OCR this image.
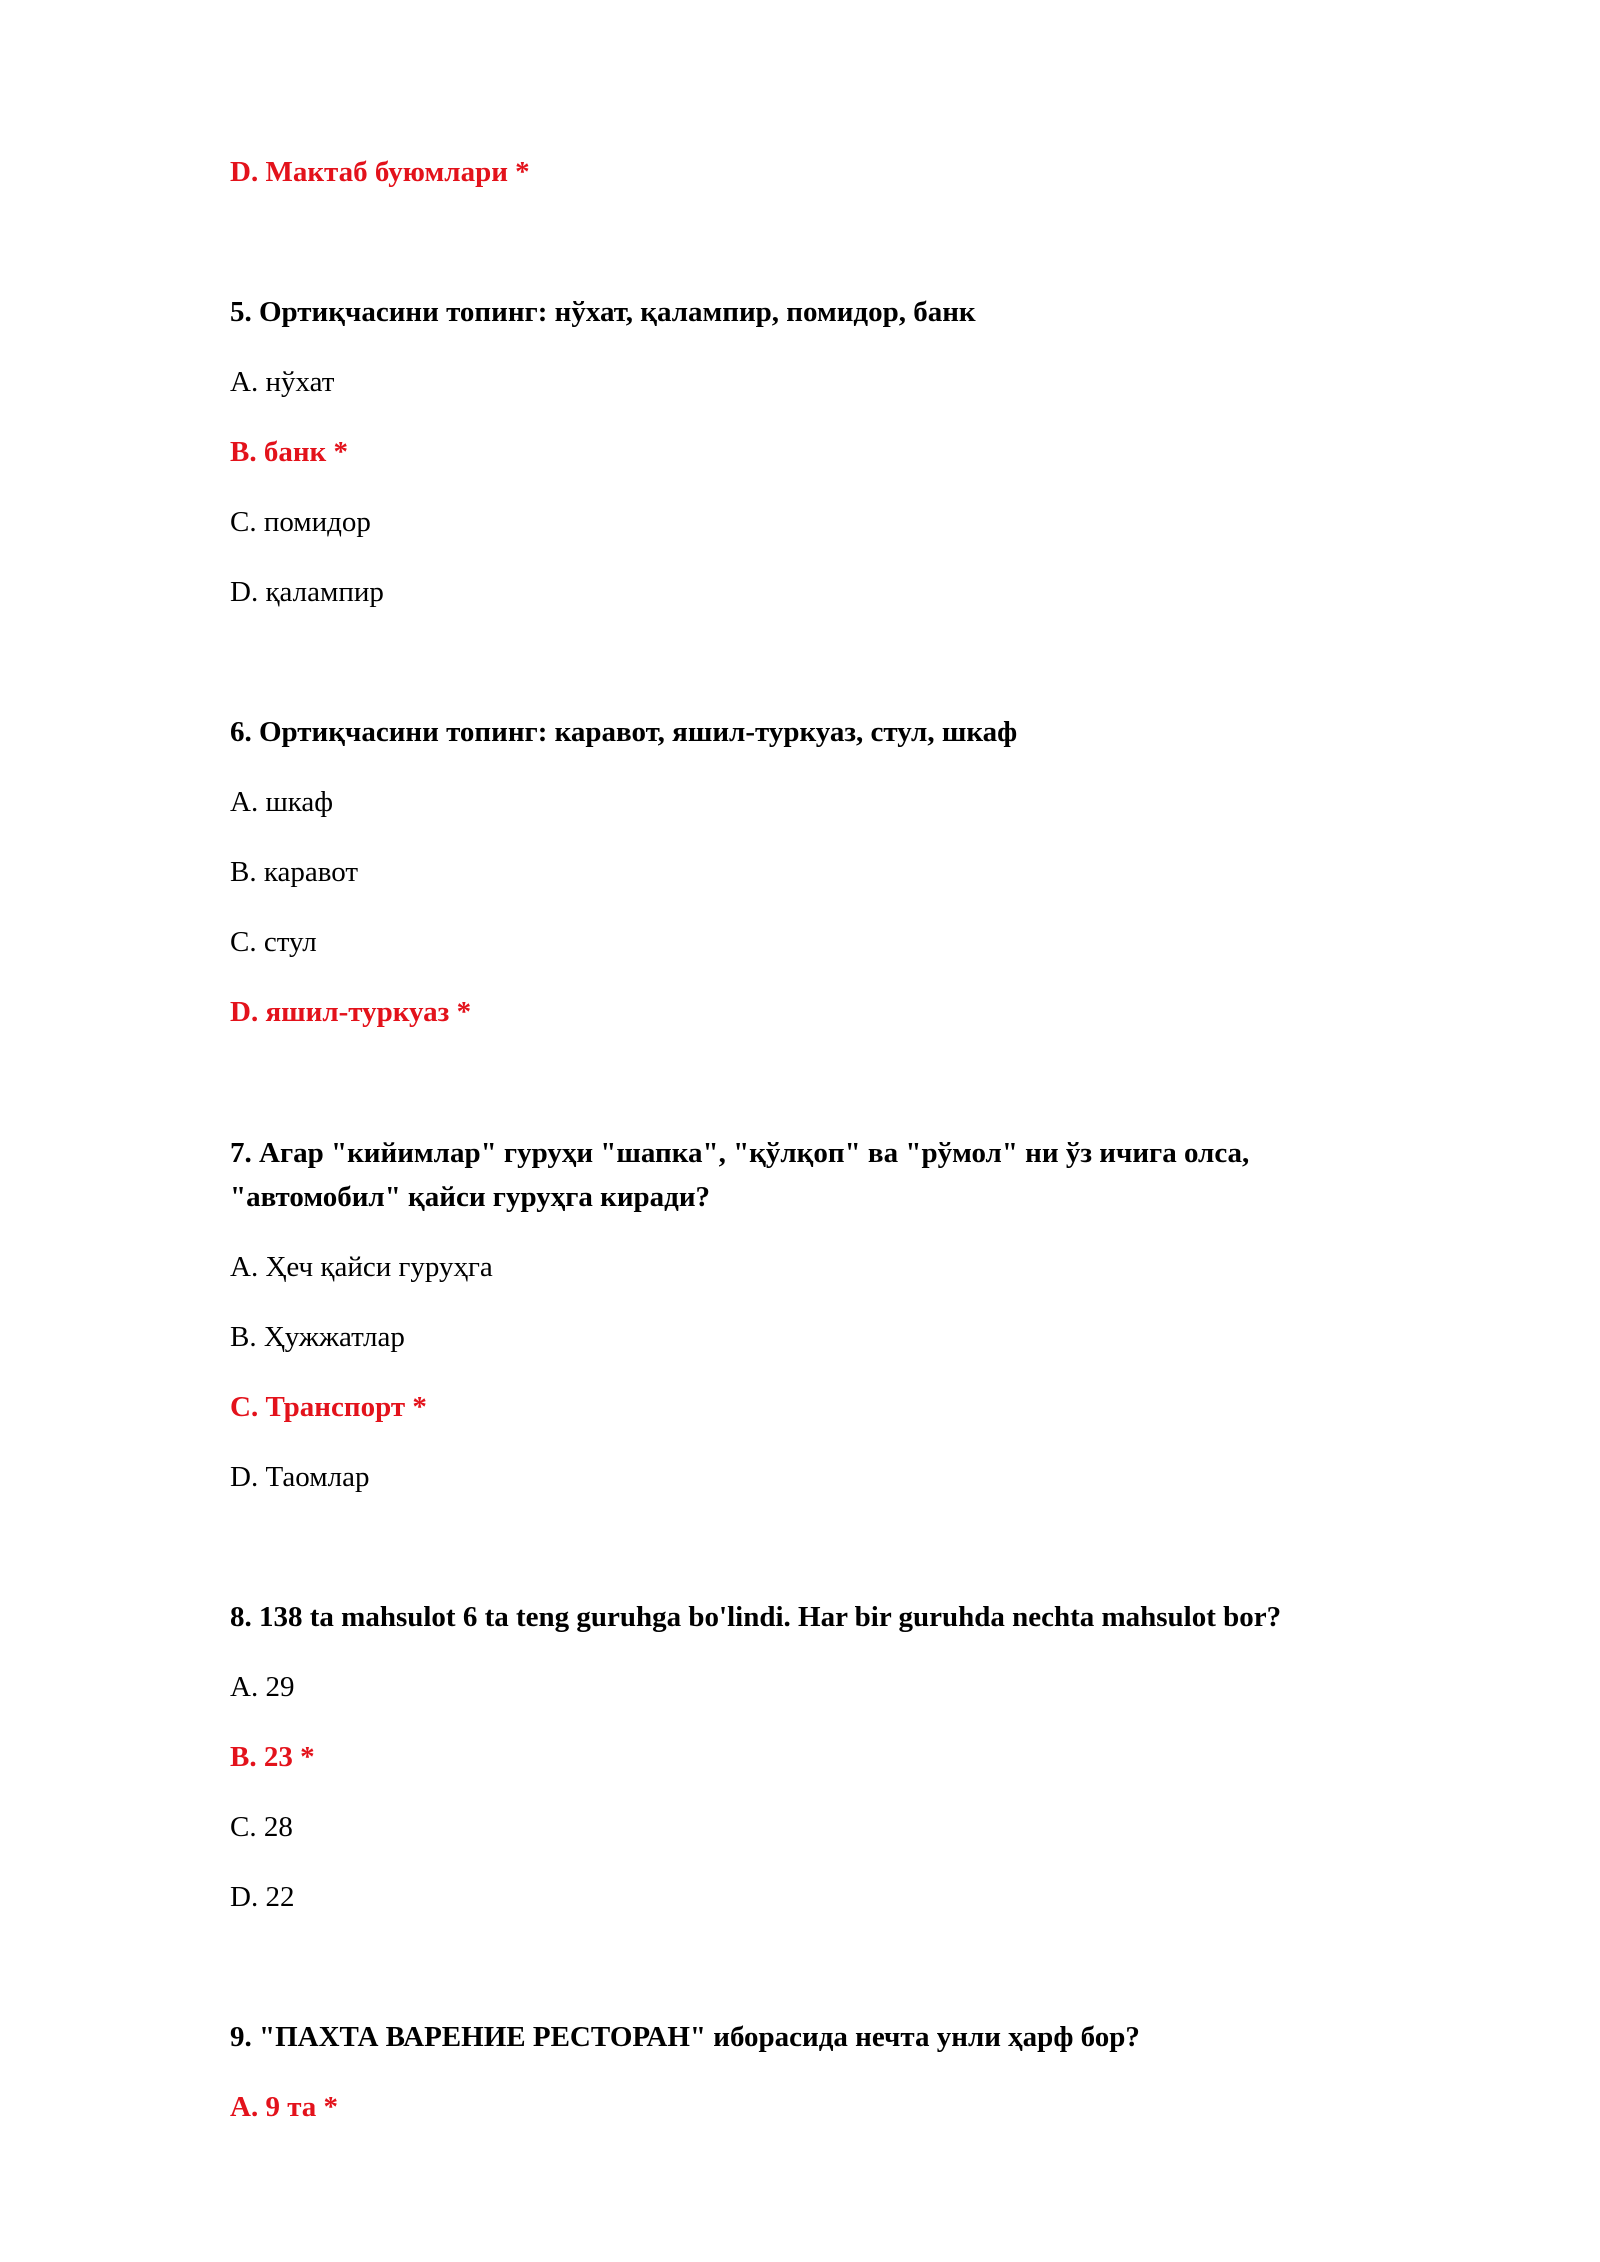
D. Мактаб буюмлари *
5. Ортиқчасини топинг: нўхат, қалампир, помидор, банк
A. нўхат
B. банк *
C. помидор
D. қалампир
6. Ортиқчасини топинг: каравот, яшил-туркуаз, стул, шкаф
A. шкаф
B. каравот
C. стул
D. яшил-туркуаз *
7. Агар "кийимлар" гуруҳи "шапка", "қўлқоп" ва "рўмол" ни ўз ичига олса,
"автомобил" қайси гуруҳга киради?
A. Ҳеч қайси гуруҳга
B. Ҳужжатлар
C. Транспорт *
D. Таомлар
8. 138 ta mahsulot 6 ta teng guruhga bo'lindi. Har bir guruhda nechta mahsulot bor?
A. 29
B. 23 *
C. 28
D. 22
9. "ПАХТА ВАРЕНИЕ РЕСТОРАН" иборасида нечта унли ҳарф бор?
A. 9 та *
